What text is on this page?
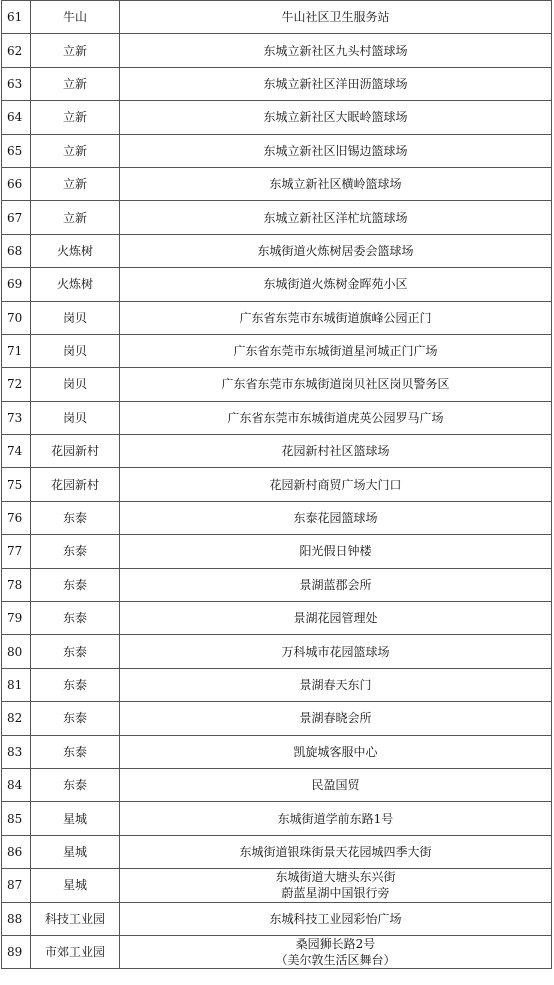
61	牛山	牛山社区卫生服务站

62	立新	东城立新社区九头村篮球场

63	立新	东城立新社区洋田沥篮球场

64	立新	东城立新社区大眠岭篮球场

65	立新	东城立新社区旧锡边篮球场

66	立新	东城立新社区横岭篮球场

67	立新	东城立新社区洋杧坑篮球场

68	火炼树	东城街道火炼树居委会篮球场

69	火炼树	东城街道火炼树金晖苑小区

70	岗贝	广东省东莞市东城街道旗峰公园正门

71	岗贝	广东省东莞市东城街道星河城正门广场

72	岗贝	广东省东莞市东城街道岗贝社区岗贝警务区

73	岗贝	广东省东莞市东城街道虎英公园罗马广场

74	花园新村	花园新村社区篮球场

75	花园新村	花园新村商贸广场大门口

76	东泰	东泰花园篮球场

77	东泰	阳光假日钟楼

78	东泰	景湖蓝郡会所

79	东泰	景湖花园管理处

80	东泰	万科城市花园篮球场

81	东泰	景湖春天东门

82	东泰	景湖春晓会所

83	东泰	凯旋城客服中心

84	东泰	民盈国贸

85	星城	东城街道学前东路1号

86	星城	东城街道银珠街景天花园城四季大街

87	星城	东城街道大塘头东兴街
蔚蓝星湖中国银行旁

88	科技工业园	东城科技工业园彩怡广场

89	市郊工业园	桑园狮长路2号
（美尔敦生活区舞台）
